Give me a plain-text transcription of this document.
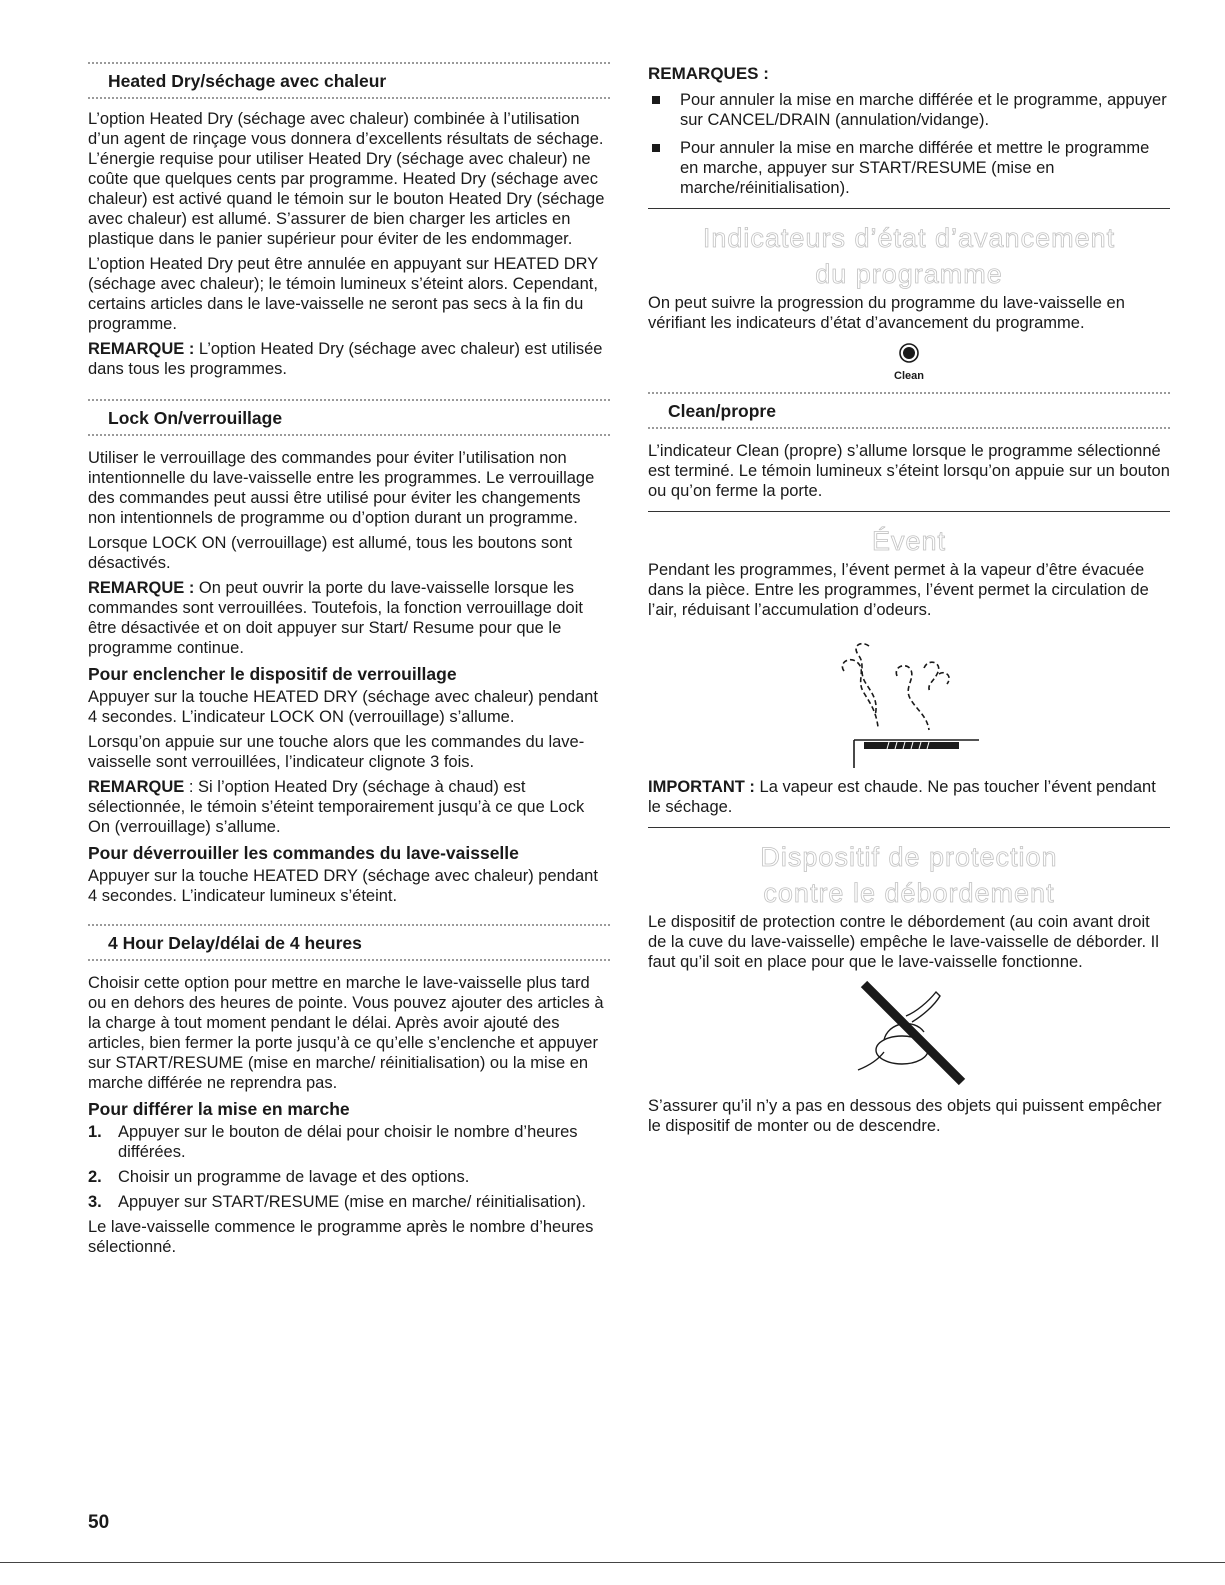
Heated Dry/séchage avec chaleur

L’option Heated Dry (séchage avec chaleur) combinée à l’utilisation d’un agent de rinçage vous donnera d’excellents résultats de séchage. L’énergie requise pour utiliser Heated Dry (séchage avec chaleur) ne coûte que quelques cents par programme. Heated Dry (séchage avec chaleur) est activé quand le témoin sur le bouton Heated Dry (séchage avec chaleur) est allumé. S’assurer de bien charger les articles en plastique dans le panier supérieur pour éviter de les endommager.

L’option Heated Dry peut être annulée en appuyant sur HEATED DRY (séchage avec chaleur); le témoin lumineux s’éteint alors. Cependant, certains articles dans le lave-vaisselle ne seront pas secs à la fin du programme.

REMARQUE : L’option Heated Dry (séchage avec chaleur) est utilisée dans tous les programmes.

Lock On/verrouillage

Utiliser le verrouillage des commandes pour éviter l’utilisation non intentionnelle du lave-vaisselle entre les programmes. Le verrouillage des commandes peut aussi être utilisé pour éviter les changements non intentionnels de programme ou d’option durant un programme.

Lorsque LOCK ON (verrouillage) est allumé, tous les boutons sont désactivés.

REMARQUE : On peut ouvrir la porte du lave-vaisselle lorsque les commandes sont verrouillées. Toutefois, la fonction verrouillage doit être désactivée et on doit appuyer sur Start/ Resume pour que le programme continue.

Pour enclencher le dispositif de verrouillage

Appuyer sur la touche HEATED DRY (séchage avec chaleur) pendant 4 secondes. L’indicateur LOCK ON (verrouillage) s’allume.

Lorsqu’on appuie sur une touche alors que les commandes du lave-vaisselle sont verrouillées, l’indicateur clignote 3 fois.

REMARQUE : Si l’option Heated Dry (séchage à chaud) est sélectionnée, le témoin s’éteint temporairement jusqu’à ce que Lock On (verrouillage) s’allume.

Pour déverrouiller les commandes du lave-vaisselle

Appuyer sur la touche HEATED DRY (séchage avec chaleur) pendant 4 secondes. L’indicateur lumineux s’éteint.

4 Hour Delay/délai de 4 heures

Choisir cette option pour mettre en marche le lave-vaisselle plus tard ou en dehors des heures de pointe. Vous pouvez ajouter des articles à la charge à tout moment pendant le délai. Après avoir ajouté des articles, bien fermer la porte jusqu’à ce qu’elle s’enclenche et appuyer sur START/RESUME (mise en marche/ réinitialisation) ou la mise en marche différée ne reprendra pas.

Pour différer la mise en marche
1. Appuyer sur le bouton de délai pour choisir le nombre d’heures différées.
2. Choisir un programme de lavage et des options.
3. Appuyer sur START/RESUME (mise en marche/ réinitialisation).

Le lave-vaisselle commence le programme après le nombre d’heures sélectionné.

REMARQUES :
Pour annuler la mise en marche différée et le programme, appuyer sur CANCEL/DRAIN (annulation/vidange).
Pour annuler la mise en marche différée et mettre le programme en marche, appuyer sur START/RESUME (mise en marche/réinitialisation).
Indicateurs d’état d’avancement
du programme

On peut suivre la progression du programme du lave-vaisselle en vérifiant les indicateurs d’état d’avancement du programme.

Clean
Clean/propre

L’indicateur Clean (propre) s’allume lorsque le programme sélectionné est terminé. Le témoin lumineux s’éteint lorsqu’on appuie sur un bouton ou qu’on ferme la porte.

Évent

Pendant les programmes, l’évent permet à la vapeur d’être évacuée dans la pièce. Entre les programmes, l’évent permet la circulation de l’air, réduisant l’accumulation d’odeurs.

IMPORTANT : La vapeur est chaude. Ne pas toucher l’évent pendant le séchage.

Dispositif de protection
contre le débordement

Le dispositif de protection contre le débordement (au coin avant droit de la cuve du lave-vaisselle) empêche le lave-vaisselle de déborder. Il faut qu’il soit en place pour que le lave-vaisselle fonctionne.

S’assurer qu’il n’y a pas en dessous des objets qui puissent empêcher le dispositif de monter ou de descendre.

50
